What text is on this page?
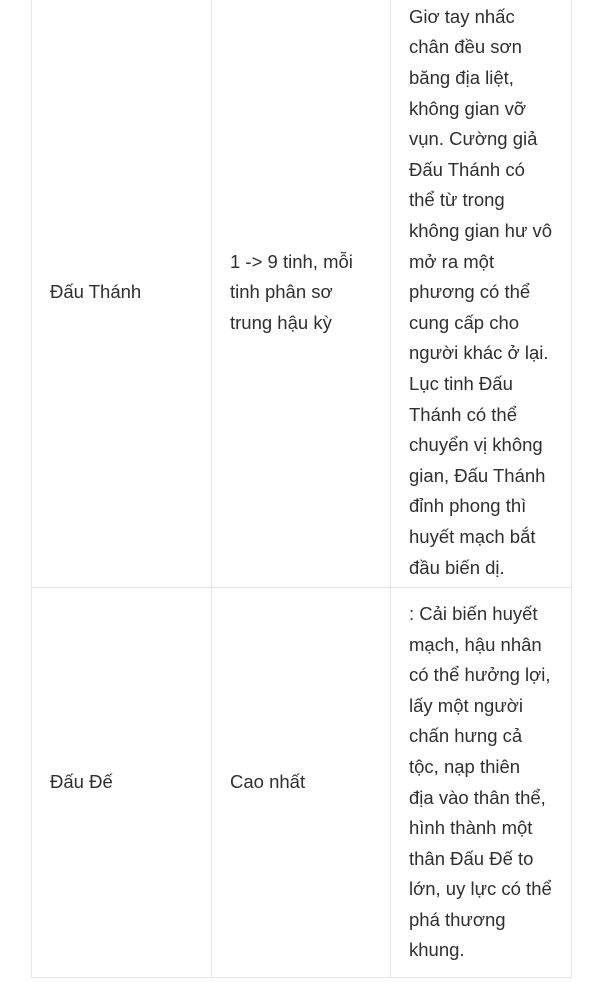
Đấu Thánh
1 -> 9 tinh, mỗi
tinh phân sơ
trung hậu kỳ
Giơ tay nhấc
chân đều sơn
băng địa liệt,
không gian vỡ
vụn. Cường giả
Đấu Thánh có
thể từ trong
không gian hư vô
mở ra một
phương có thể
cung cấp cho
người khác ở lại.
Lục tinh Đấu
Thánh có thể
chuyển vị không
gian, Đấu Thánh
đỉnh phong thì
huyết mạch bắt
đầu biến dị.
Đấu Đế	Cao nhất
: Cải biến huyết
mạch, hậu nhân
có thể hưởng lợi,
lấy một người
chấn hưng cả
tộc, nạp thiên
địa vào thân thể,
hình thành một
thân Đấu Đế to
lớn, uy lực có thể
phá thương
khung.
